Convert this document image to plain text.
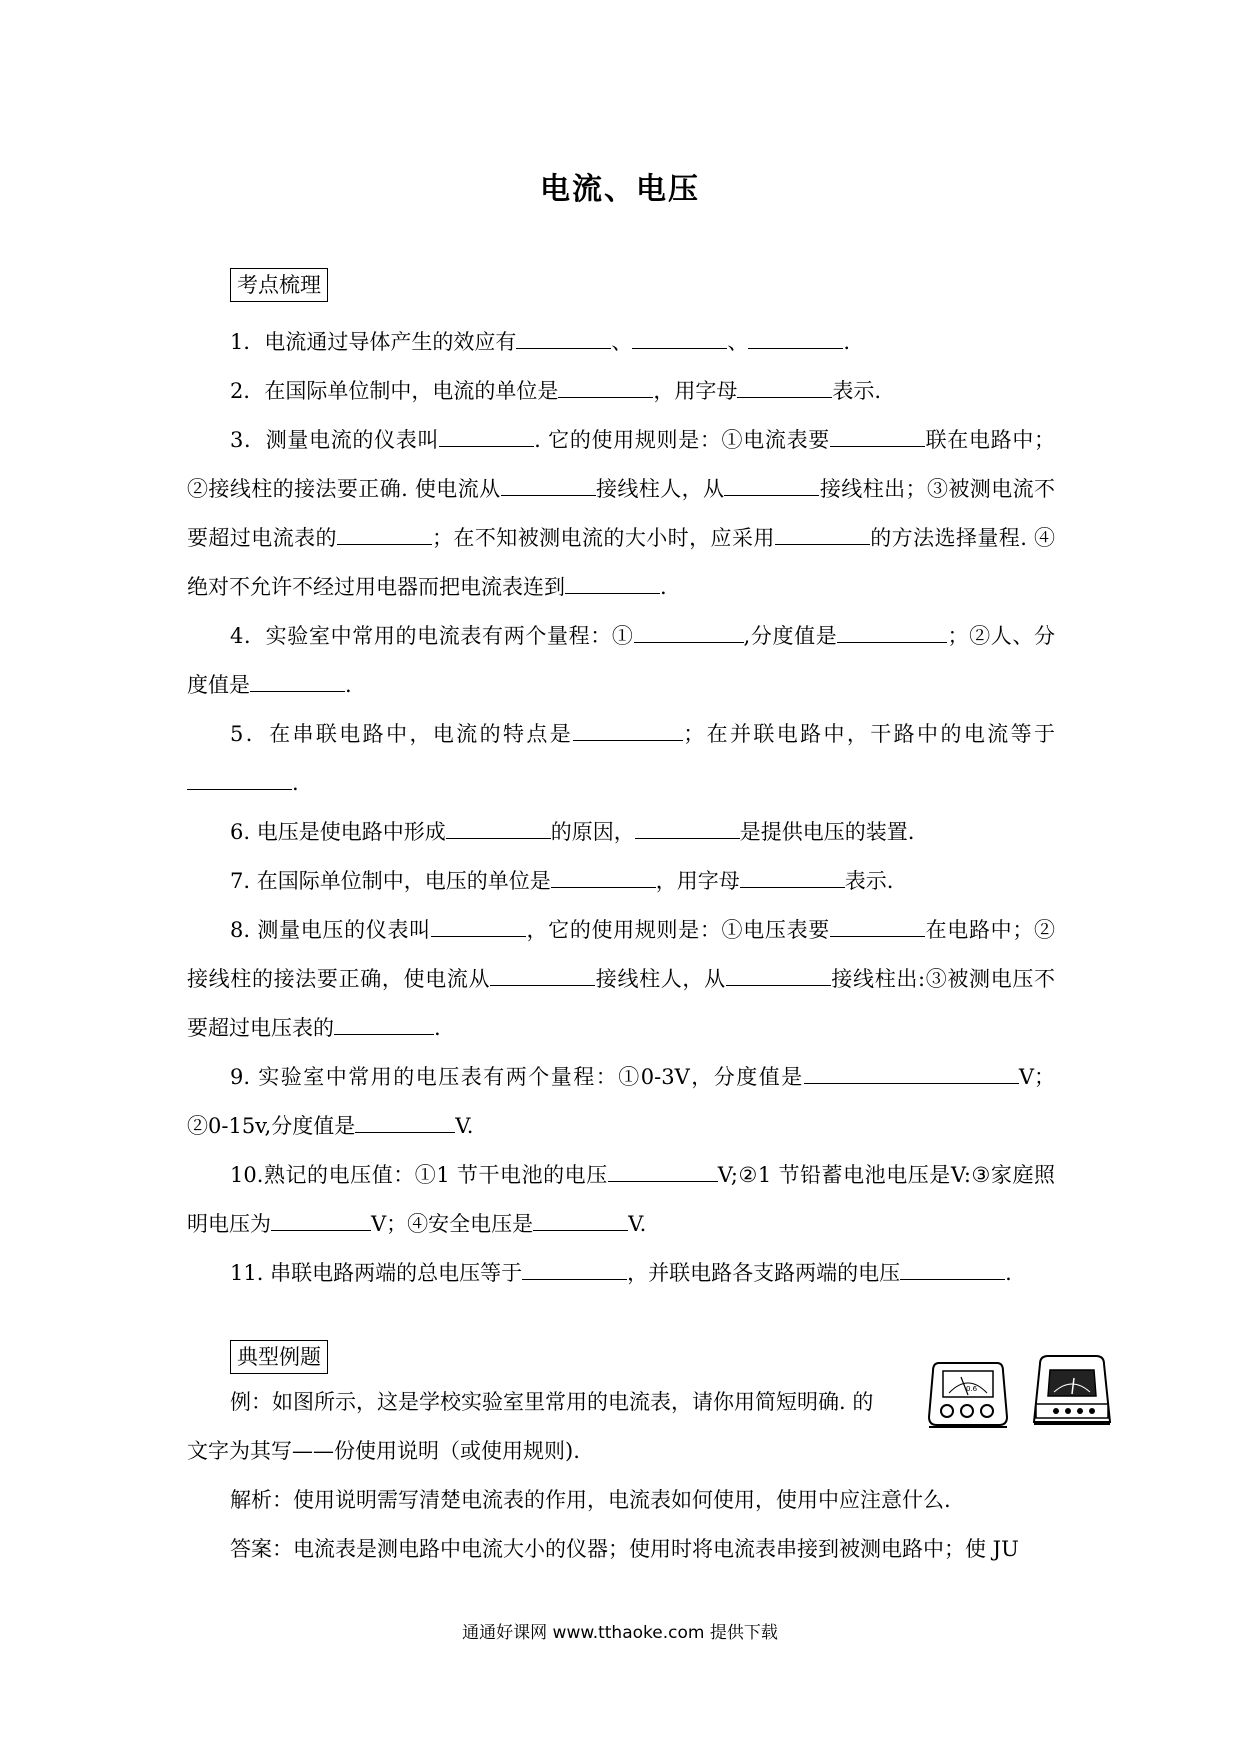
电流、电压
考点梳理

1．电流通过导体产生的效应有	、	、	.

2．在国际单位制中，电流的单位是	，用字母	表示.

3．测量电流的仪表叫	. 它的使用规则是：①电流表要	联在电路中；②接线柱的接法要正确. 使电流从	接线柱人，从	接线柱出；③被测电流不要超过电流表的	；在不知被测电流的大小时，应采用	的方法选择量程. ④绝对不允许不经过用电器而把电流表连到	.

4．实验室中常用的电流表有两个量程：①	,分度值是	；②人、分度值是	.

5．在串联电路中，电流的特点是	；在并联电路中，干路中的电流等于.

6. 电压是使电路中形成	的原因，	是提供电压的装置.

7. 在国际单位制中，电压的单位是	，用字母	表示.

8. 测量电压的仪表叫	，它的使用规则是：①电压表要	在电路中；②接线柱的接法要正确，使电流从	接线柱人，从	接线柱出:③被测电压不要超过电压表的	.

9. 实验室中常用的电压表有两个量程：①0-3V，分度值是	V；②0-15v,分度值是	V.

10.熟记的电压值：①1 节干电池的电压	V;②1 节铅蓄电池电压是V:③家庭照明电压为	V；④安全电压是	V.

11. 串联电路两端的总电压等于	，并联电路各支路两端的电压	.

典型例题

例：如图所示，这是学校实验室里常用的电流表，请你用简短明确. 的

文字为其写——份使用说明（或使用规则).

解析：使用说明需写清楚电流表的作用，电流表如何使用，使用中应注意什么.

答案：电流表是测电路中电流大小的仪器；使用时将电流表串接到被测电路中；使 JU

0.6
通通好课网 www.tthaoke.com 提供下载
